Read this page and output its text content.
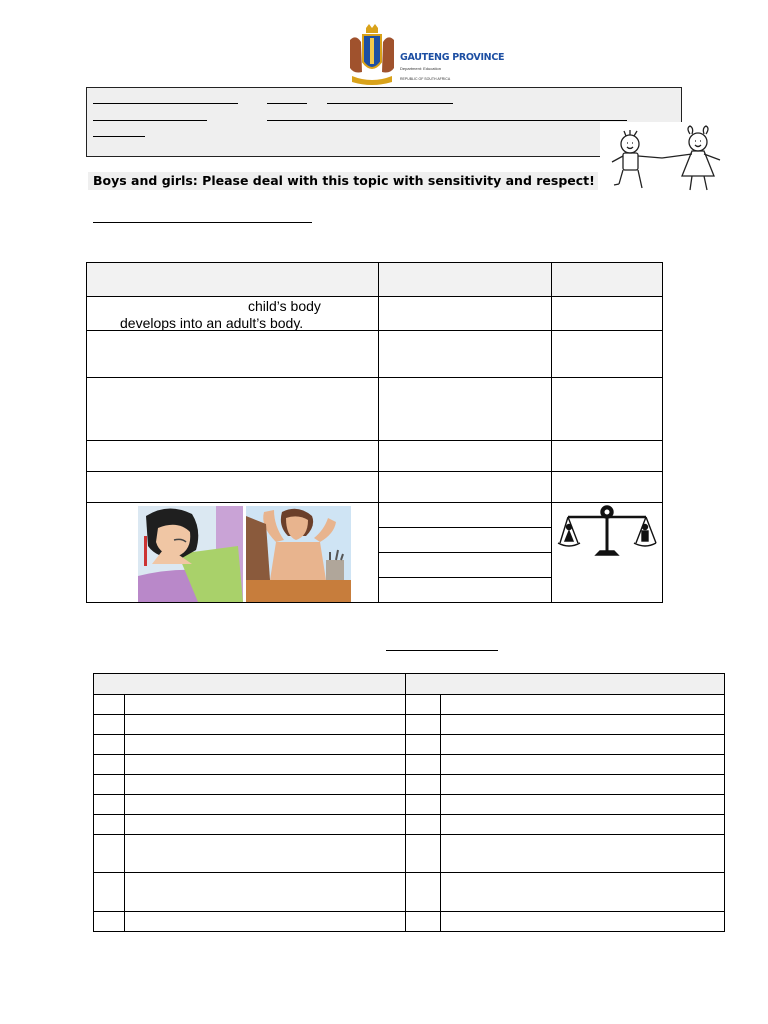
GAUTENG PROVINCE
Department: Education
REPUBLIC OF SOUTH AFRICA
Boys and girls: Please deal with this topic with sensitivity and respect!
child’s body
develops into an adult’s body.
